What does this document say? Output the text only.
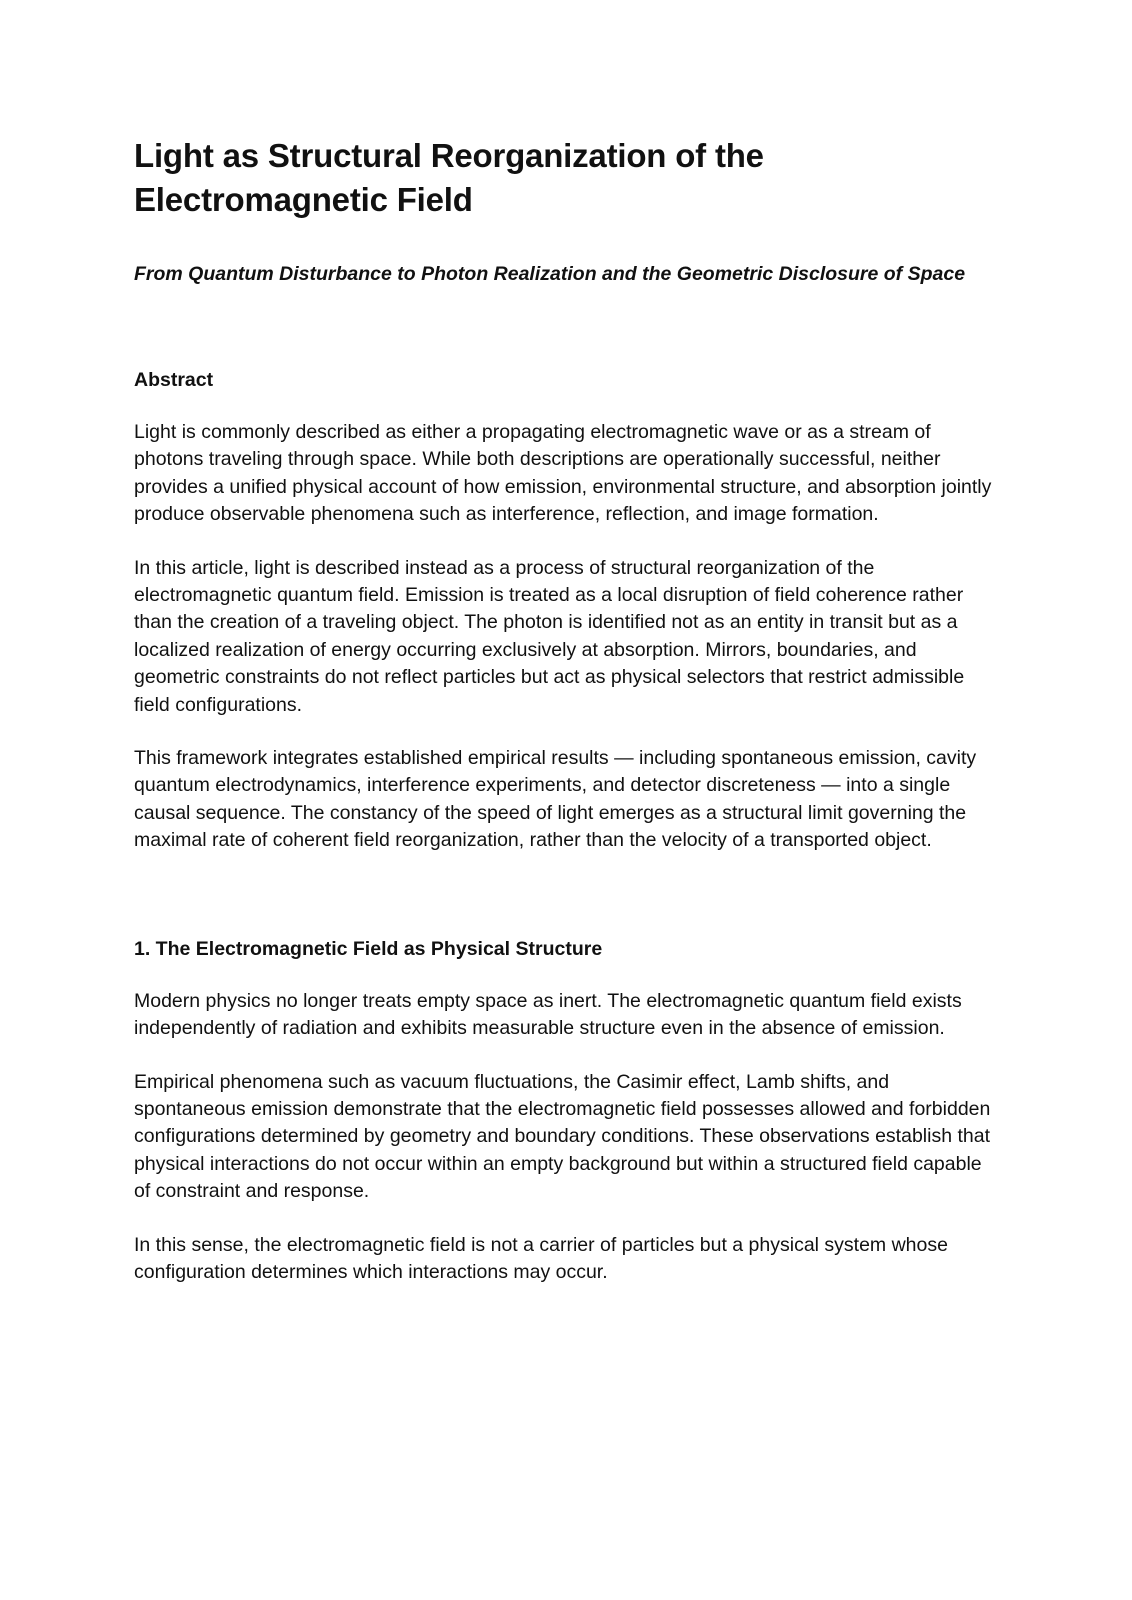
Light as Structural Reorganization of the
Electromagnetic Field

From Quantum Disturbance to Photon Realization and the Geometric Disclosure of Space

Abstract

Light is commonly described as either a propagating electromagnetic wave or as a stream of photons traveling through space. While both descriptions are operationally successful, neither provides a unified physical account of how emission, environmental structure, and absorption jointly produce observable phenomena such as interference, reflection, and image formation.

In this article, light is described instead as a process of structural reorganization of the electromagnetic quantum field. Emission is treated as a local disruption of field coherence rather than the creation of a traveling object. The photon is identified not as an entity in transit but as a localized realization of energy occurring exclusively at absorption. Mirrors, boundaries, and geometric constraints do not reflect particles but act as physical selectors that restrict admissible field configurations.

This framework integrates established empirical results — including spontaneous emission, cavity quantum electrodynamics, interference experiments, and detector discreteness — into a single causal sequence. The constancy of the speed of light emerges as a structural limit governing the maximal rate of coherent field reorganization, rather than the velocity of a transported object.

1. The Electromagnetic Field as Physical Structure

Modern physics no longer treats empty space as inert. The electromagnetic quantum field exists independently of radiation and exhibits measurable structure even in the absence of emission.

Empirical phenomena such as vacuum fluctuations, the Casimir effect, Lamb shifts, and spontaneous emission demonstrate that the electromagnetic field possesses allowed and forbidden configurations determined by geometry and boundary conditions. These observations establish that physical interactions do not occur within an empty background but within a structured field capable of constraint and response.

In this sense, the electromagnetic field is not a carrier of particles but a physical system whose configuration determines which interactions may occur.
